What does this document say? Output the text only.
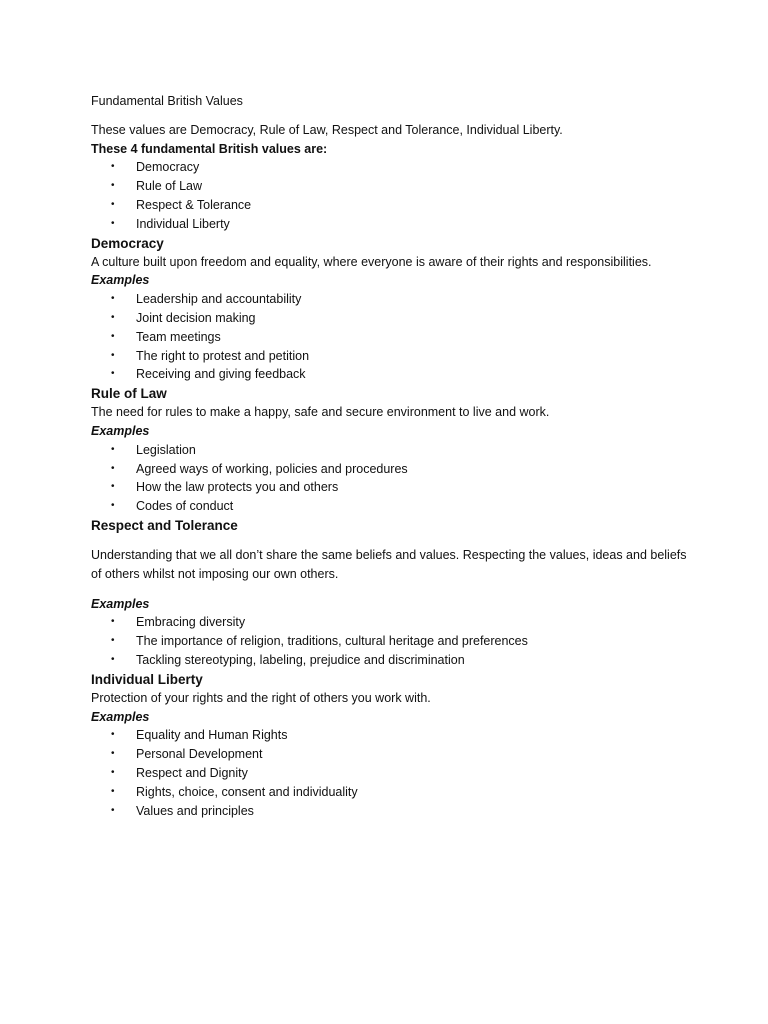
Fundamental British Values

These values are Democracy, Rule of Law, Respect and Tolerance, Individual Liberty.

These 4 fundamental British values are:

• Democracy
• Rule of Law
• Respect & Tolerance
• Individual Liberty

Democracy

A culture built upon freedom and equality, where everyone is aware of their rights and responsibilities.

Examples

• Leadership and accountability
• Joint decision making
• Team meetings
• The right to protest and petition
• Receiving and giving feedback

Rule of Law

The need for rules to make a happy, safe and secure environment to live and work.

Examples

• Legislation
• Agreed ways of working, policies and procedures
• How the law protects you and others
• Codes of conduct

Respect and Tolerance

Understanding that we all don’t share the same beliefs and values. Respecting the values, ideas and beliefs of others whilst not imposing our own others.

Examples

• Embracing diversity
• The importance of religion, traditions, cultural heritage and preferences
• Tackling stereotyping, labeling, prejudice and discrimination

Individual Liberty

Protection of your rights and the right of others you work with.

Examples

• Equality and Human Rights
• Personal Development
• Respect and Dignity
• Rights, choice, consent and individuality
• Values and principles
